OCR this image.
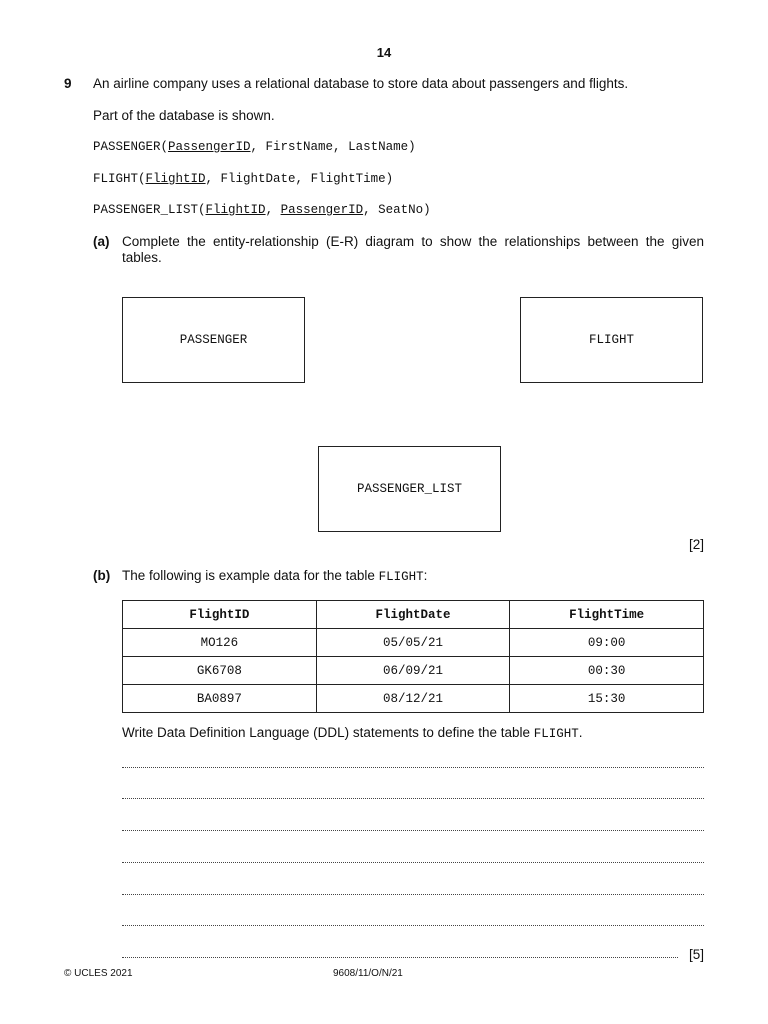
14
9 An airline company uses a relational database to store data about passengers and flights.
Part of the database is shown.
PASSENGER(PassengerID, FirstName, LastName)
FLIGHT(FlightID, FlightDate, FlightTime)
PASSENGER_LIST(FlightID, PassengerID, SeatNo)
(a) Complete the entity-relationship (E-R) diagram to show the relationships between the given tables.
PASSENGER	FLIGHT
PASSENGER_LIST
[2]
(b) The following is example data for the table FLIGHT:
FlightID	FlightDate	FlightTime
MO126	05/05/21	09:00
GK6708	06/09/21	00:30
BA0897	08/12/21	15:30
Write Data Definition Language (DDL) statements to define the table FLIGHT.
[5]
© UCLES 2021	9608/11/O/N/21
